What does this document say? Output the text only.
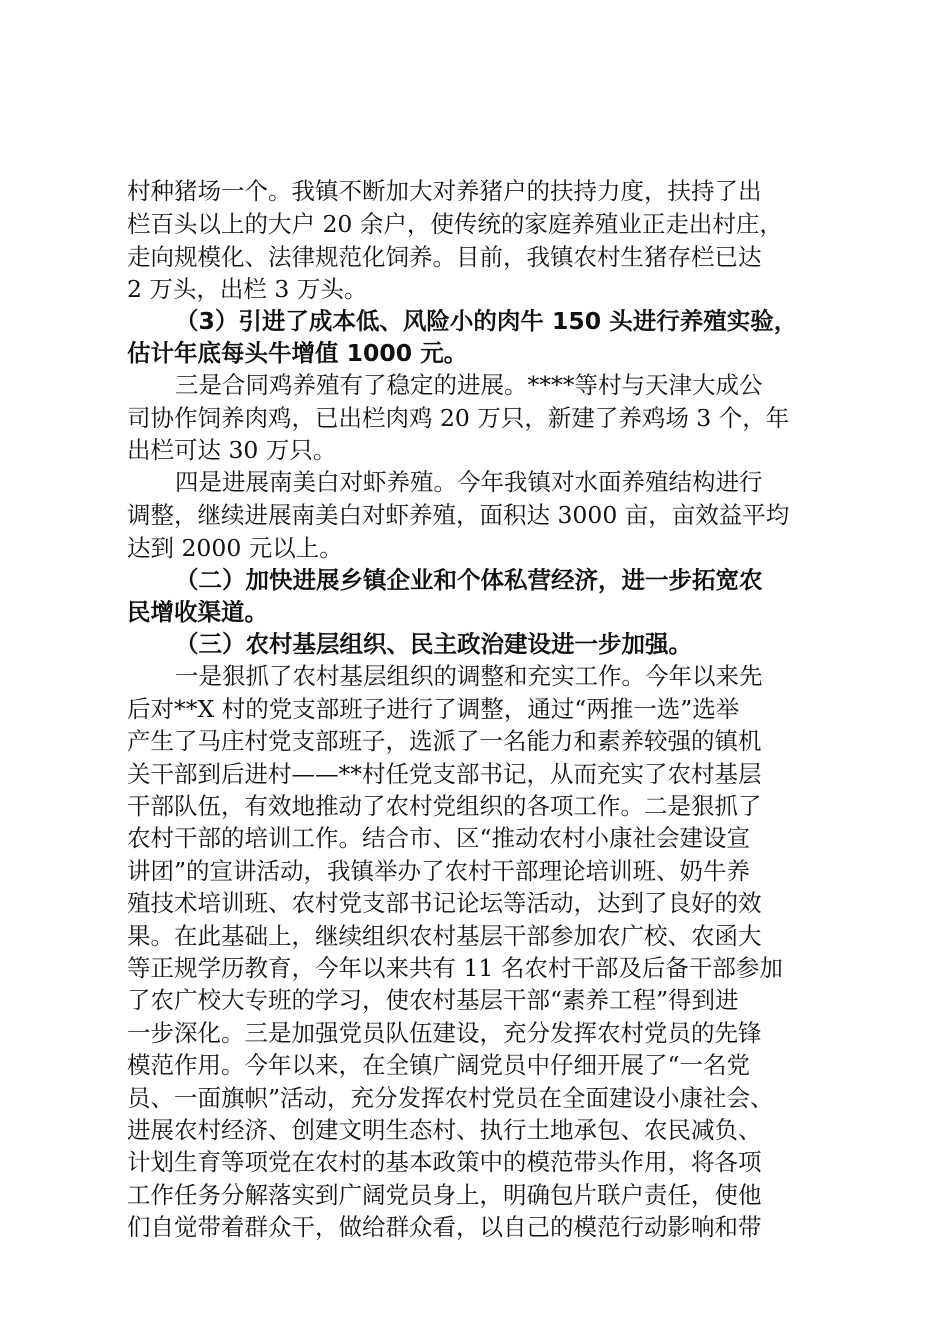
村种猪场一个。我镇不断加大对养猪户的扶持力度，扶持了出
栏百头以上的大户 20 余户，使传统的家庭养殖业正走出村庄，
走向规模化、法律规范化饲养。目前，我镇农村生猪存栏已达
2 万头，出栏 3 万头。
（3）引进了成本低、风险小的肉牛 150 头进行养殖实验，
估计年底每头牛增值 1000 元。
三是合同鸡养殖有了稳定的进展。****等村与天津大成公
司协作饲养肉鸡，已出栏肉鸡 20 万只，新建了养鸡场 3 个，年
出栏可达 30 万只。
四是进展南美白对虾养殖。今年我镇对水面养殖结构进行
调整，继续进展南美白对虾养殖，面积达 3000 亩，亩效益平均
达到 2000 元以上。
（二）加快进展乡镇企业和个体私营经济，进一步拓宽农
民增收渠道。
（三）农村基层组织、民主政治建设进一步加强。
一是狠抓了农村基层组织的调整和充实工作。今年以来先
后对**X 村的党支部班子进行了调整，通过“两推一选”选举
产生了马庄村党支部班子，选派了一名能力和素养较强的镇机
关干部到后进村——**村任党支部书记，从而充实了农村基层
干部队伍，有效地推动了农村党组织的各项工作。二是狠抓了
农村干部的培训工作。结合市、区“推动农村小康社会建设宣
讲团”的宣讲活动，我镇举办了农村干部理论培训班、奶牛养
殖技术培训班、农村党支部书记论坛等活动，达到了良好的效
果。在此基础上，继续组织农村基层干部参加农广校、农函大
等正规学历教育，今年以来共有 11 名农村干部及后备干部参加
了农广校大专班的学习，使农村基层干部“素养工程”得到进
一步深化。三是加强党员队伍建设，充分发挥农村党员的先锋
模范作用。今年以来，在全镇广阔党员中仔细开展了“一名党
员、一面旗帜”活动，充分发挥农村党员在全面建设小康社会、
进展农村经济、创建文明生态村、执行土地承包、农民减负、
计划生育等项党在农村的基本政策中的模范带头作用，将各项
工作任务分解落实到广阔党员身上，明确包片联户责任，使他
们自觉带着群众干，做给群众看，以自己的模范行动影响和带
